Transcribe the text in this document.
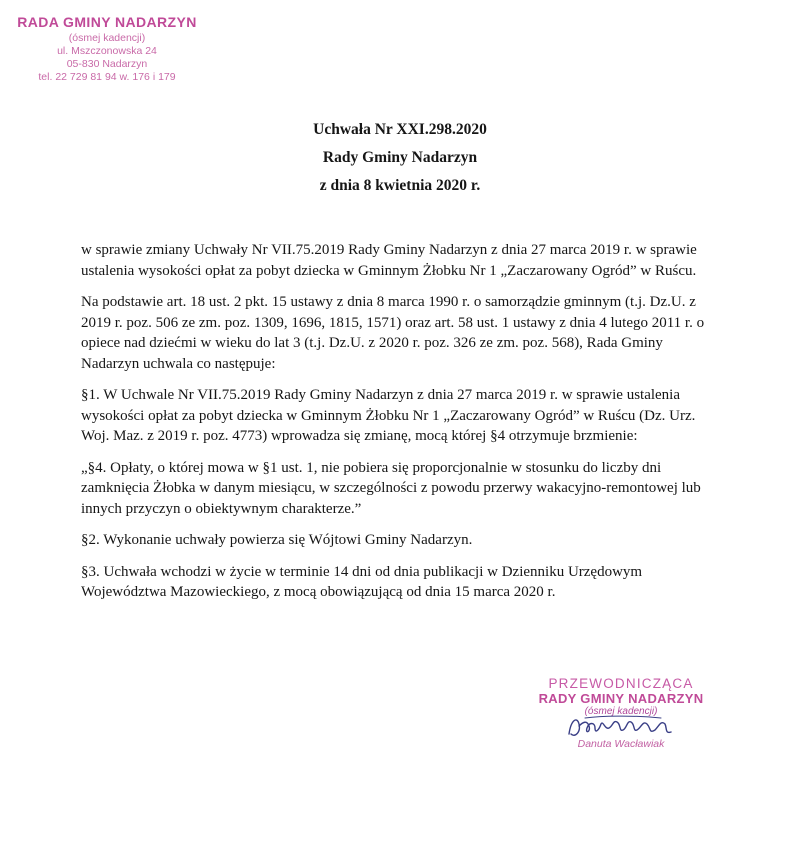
RADA GMINY NADARZYN
(ósmej kadencji)
ul. Mszczonowska 24
05-830 Nadarzyn
tel. 22 729 81 94 w. 176 i 179
Uchwała Nr XXI.298.2020
Rady Gminy Nadarzyn
z dnia 8 kwietnia 2020 r.

w sprawie zmiany Uchwały Nr VII.75.2019 Rady Gminy Nadarzyn z dnia 27 marca 2019 r. w sprawie ustalenia wysokości opłat za pobyt dziecka w Gminnym Żłobku Nr 1 „Zaczarowany Ogród” w Ruścu.

Na podstawie art. 18 ust. 2 pkt. 15 ustawy z dnia 8 marca 1990 r. o samorządzie gminnym (t.j. Dz.U. z 2019 r. poz. 506 ze zm. poz. 1309, 1696, 1815, 1571) oraz art. 58 ust. 1 ustawy z dnia 4 lutego 2011 r. o opiece nad dziećmi w wieku do lat 3 (t.j. Dz.U. z 2020 r. poz. 326 ze zm. poz. 568), Rada Gminy Nadarzyn uchwala co następuje:

§1. W Uchwale Nr VII.75.2019 Rady Gminy Nadarzyn z dnia 27 marca 2019 r. w sprawie ustalenia wysokości opłat za pobyt dziecka w Gminnym Żłobku Nr 1 „Zaczarowany Ogród” w Ruścu (Dz. Urz. Woj. Maz. z 2019 r. poz. 4773) wprowadza się zmianę, mocą której §4 otrzymuje brzmienie:

„§4. Opłaty, o której mowa w §1 ust. 1, nie pobiera się proporcjonalnie w stosunku do liczby dni zamknięcia Żłobka w danym miesiącu, w szczególności z powodu przerwy wakacyjno-remontowej lub innych przyczyn o obiektywnym charakterze.”

§2. Wykonanie uchwały powierza się Wójtowi Gminy Nadarzyn.

§3. Uchwała wchodzi w życie w terminie 14 dni od dnia publikacji w Dzienniku Urzędowym Województwa Mazowieckiego, z mocą obowiązującą od dnia 15 marca 2020 r.

PRZEWODNICZĄCA
RADY GMINY NADARZYN
(ósmej kadencji)
Danuta Wacławiak
